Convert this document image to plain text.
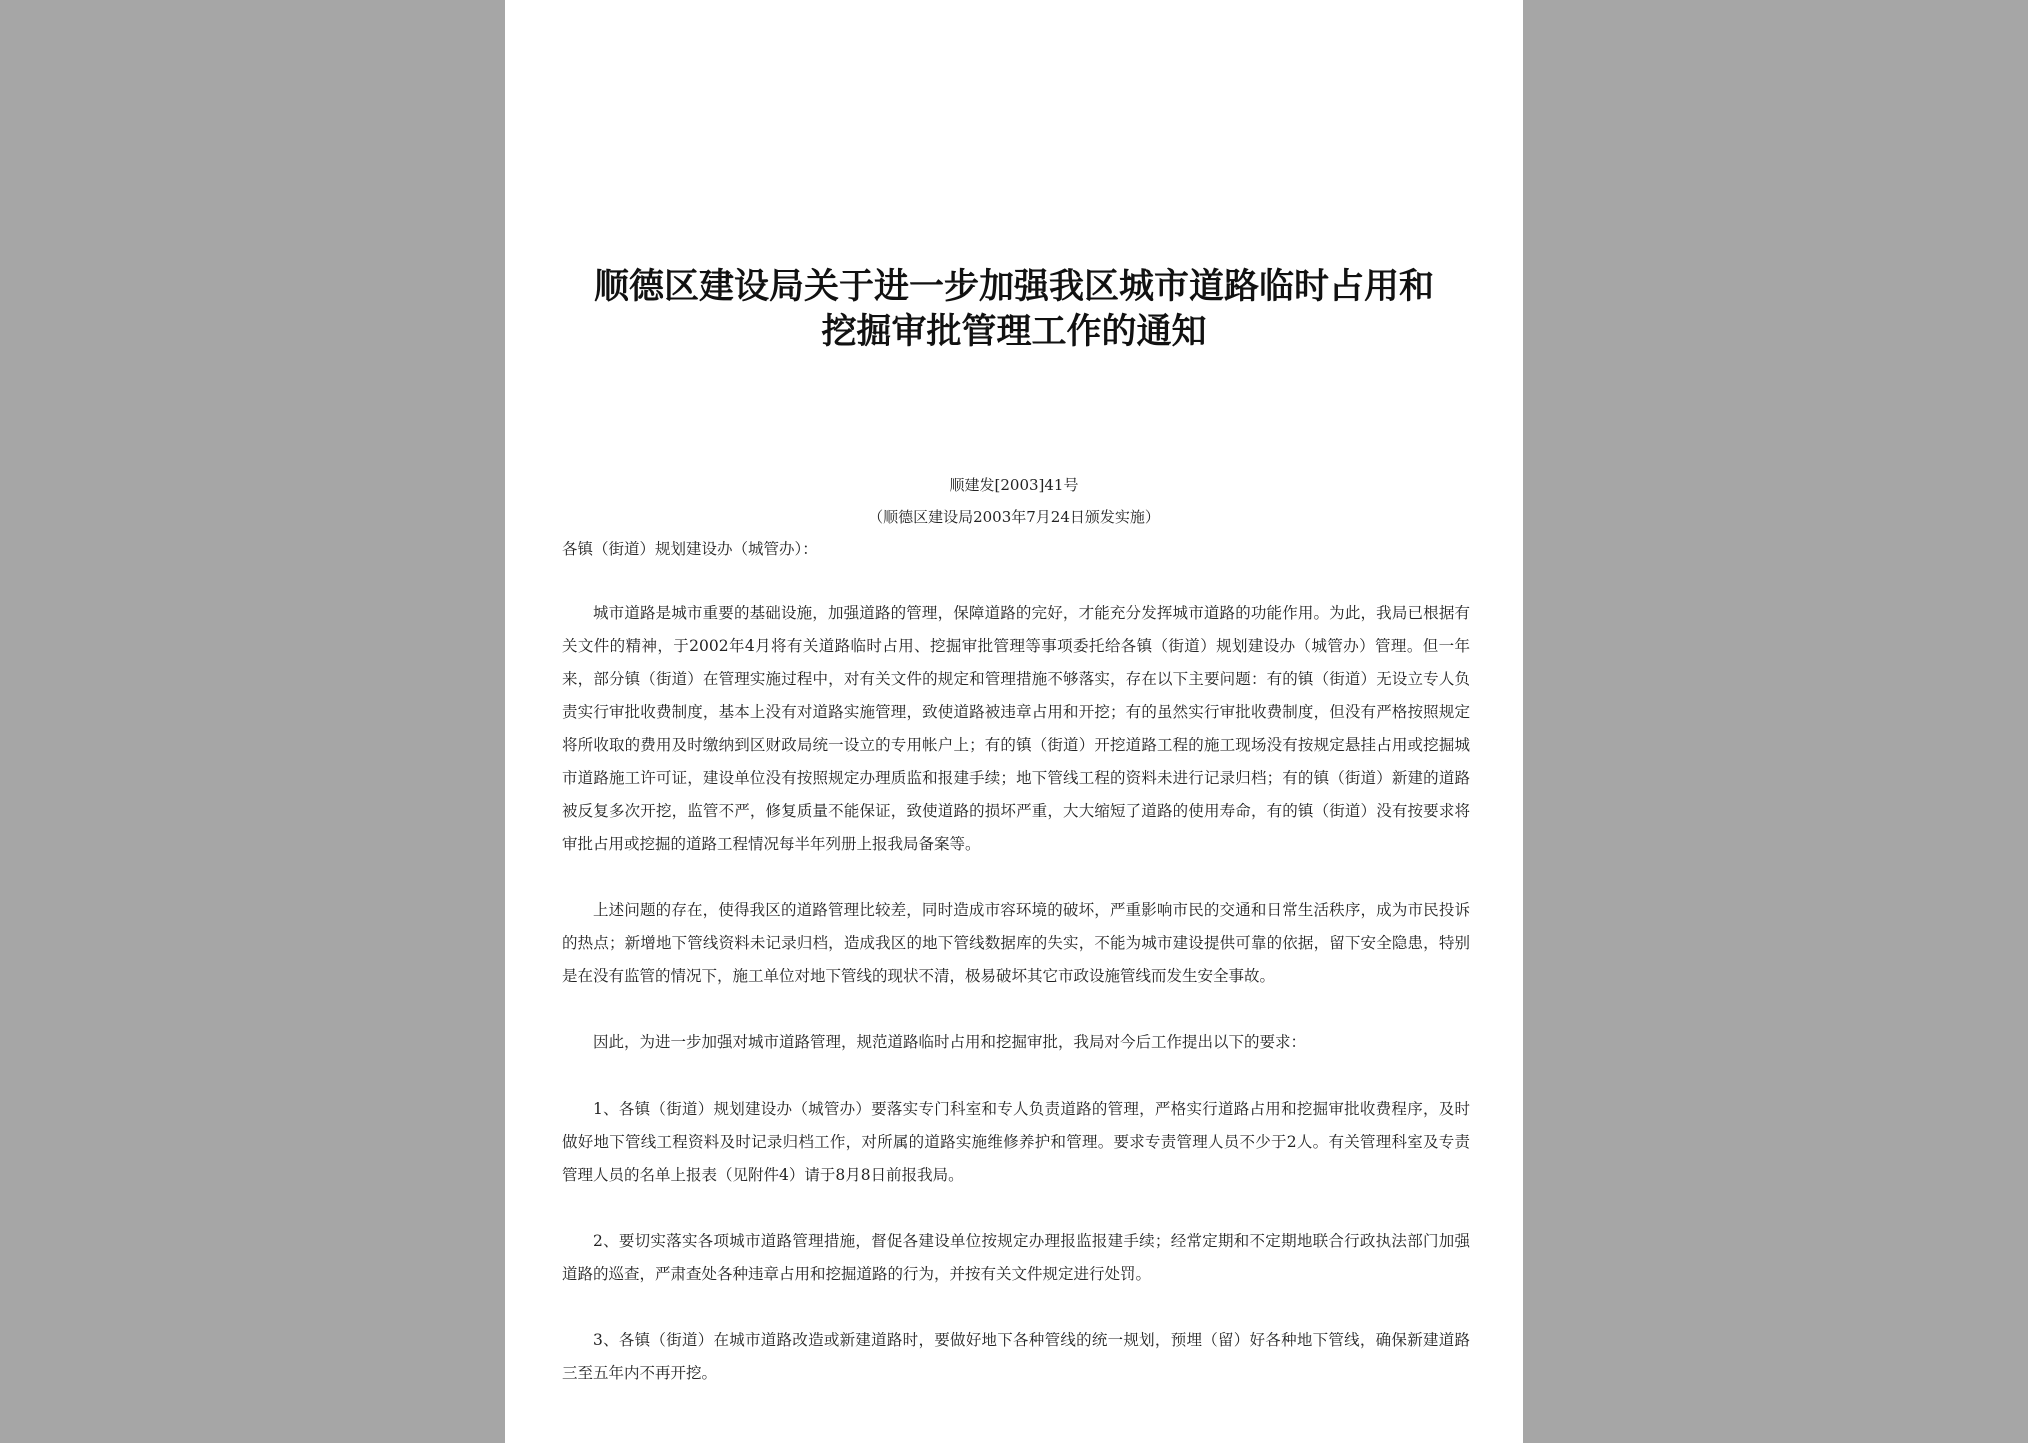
顺德区建设局关于进一步加强我区城市道路临时占用和
挖掘审批管理工作的通知
顺建发[2003]41号
（顺德区建设局2003年7月24日颁发实施）
各镇（街道）规划建设办（城管办）：

城市道路是城市重要的基础设施，加强道路的管理，保障道路的完好，才能充分发挥城市道路的功能作用。为此，我局已根据有关文件的精神，于2002年4月将有关道路临时占用、挖掘审批管理等事项委托给各镇（街道）规划建设办（城管办）管理。但一年来，部分镇（街道）在管理实施过程中，对有关文件的规定和管理措施不够落实，存在以下主要问题：有的镇（街道）无设立专人负责实行审批收费制度，基本上没有对道路实施管理，致使道路被违章占用和开挖；有的虽然实行审批收费制度，但没有严格按照规定将所收取的费用及时缴纳到区财政局统一设立的专用帐户上；有的镇（街道）开挖道路工程的施工现场没有按规定悬挂占用或挖掘城市道路施工许可证，建设单位没有按照规定办理质监和报建手续；地下管线工程的资料未进行记录归档；有的镇（街道）新建的道路被反复多次开挖，监管不严，修复质量不能保证，致使道路的损坏严重，大大缩短了道路的使用寿命，有的镇（街道）没有按要求将审批占用或挖掘的道路工程情况每半年列册上报我局备案等。

上述问题的存在，使得我区的道路管理比较差，同时造成市容环境的破坏，严重影响市民的交通和日常生活秩序，成为市民投诉的热点；新增地下管线资料未记录归档，造成我区的地下管线数据库的失实，不能为城市建设提供可靠的依据，留下安全隐患，特别是在没有监管的情况下，施工单位对地下管线的现状不清，极易破坏其它市政设施管线而发生安全事故。

因此，为进一步加强对城市道路管理，规范道路临时占用和挖掘审批，我局对今后工作提出以下的要求：

1、各镇（街道）规划建设办（城管办）要落实专门科室和专人负责道路的管理，严格实行道路占用和挖掘审批收费程序，及时做好地下管线工程资料及时记录归档工作，对所属的道路实施维修养护和管理。要求专责管理人员不少于2人。有关管理科室及专责管理人员的名单上报表（见附件4）请于8月8日前报我局。

2、要切实落实各项城市道路管理措施，督促各建设单位按规定办理报监报建手续；经常定期和不定期地联合行政执法部门加强道路的巡查，严肃查处各种违章占用和挖掘道路的行为，并按有关文件规定进行处罚。

3、各镇（街道）在城市道路改造或新建道路时，要做好地下各种管线的统一规划，预埋（留）好各种地下管线，确保新建道路三至五年内不再开挖。
